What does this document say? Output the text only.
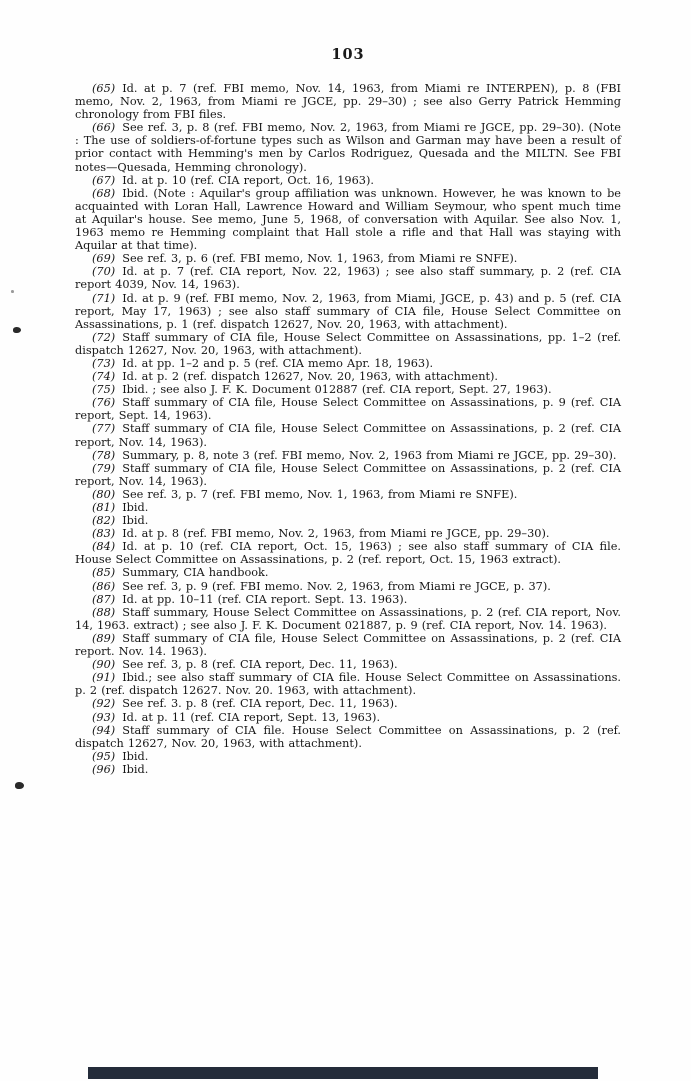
103

(65) Id. at p. 7 (ref. FBI memo, Nov. 14, 1963, from Miami re INTERPEN), p. 8 (FBI memo, Nov. 2, 1963, from Miami re JGCE, pp. 29–30) ; see also Gerry Patrick Hemming chronology from FBI files.

(66) See ref. 3, p. 8 (ref. FBI memo, Nov. 2, 1963, from Miami re JGCE, pp. 29–30). (Note : The use of soldiers-of-fortune types such as Wilson and Garman may have been a result of prior contact with Hemming's men by Carlos Rodriguez, Quesada and the MILTN. See FBI notes—Quesada, Hemming chronology).

(67) Id. at p. 10 (ref. CIA report, Oct. 16, 1963).

(68) Ibid. (Note : Aquilar's group affiliation was unknown. However, he was known to be acquainted with Loran Hall, Lawrence Howard and William Seymour, who spent much time at Aquilar's house. See memo, June 5, 1968, of conversation with Aquilar. See also Nov. 1, 1963 memo re Hemming complaint that Hall stole a rifle and that Hall was staying with Aquilar at that time).

(69) See ref. 3, p. 6 (ref. FBI memo, Nov. 1, 1963, from Miami re SNFE).

(70) Id. at p. 7 (ref. CIA report, Nov. 22, 1963) ; see also staff summary, p. 2 (ref. CIA report 4039, Nov. 14, 1963).

(71) Id. at p. 9 (ref. FBI memo, Nov. 2, 1963, from Miami, JGCE, p. 43) and p. 5 (ref. CIA report, May 17, 1963) ; see also staff summary of CIA file, House Select Committee on Assassinations, p. 1 (ref. dispatch 12627, Nov. 20, 1963, with attachment).

(72) Staff summary of CIA file, House Select Committee on Assassinations, pp. 1–2 (ref. dispatch 12627, Nov. 20, 1963, with attachment).

(73) Id. at pp. 1–2 and p. 5 (ref. CIA memo Apr. 18, 1963).

(74) Id. at p. 2 (ref. dispatch 12627, Nov. 20, 1963, with attachment).

(75) Ibid. ; see also J. F. K. Document 012887 (ref. CIA report, Sept. 27, 1963).

(76) Staff summary of CIA file, House Select Committee on Assassinations, p. 9 (ref. CIA report, Sept. 14, 1963).

(77) Staff summary of CIA file, House Select Committee on Assassinations, p. 2 (ref. CIA report, Nov. 14, 1963).

(78) Summary, p. 8, note 3 (ref. FBI memo, Nov. 2, 1963 from Miami re JGCE, pp. 29–30).

(79) Staff summary of CIA file, House Select Committee on Assassinations, p. 2 (ref. CIA report, Nov. 14, 1963).

(80) See ref. 3, p. 7 (ref. FBI memo, Nov. 1, 1963, from Miami re SNFE).

(81) Ibid.

(82) Ibid.

(83) Id. at p. 8 (ref. FBI memo, Nov. 2, 1963, from Miami re JGCE, pp. 29–30).

(84) Id. at p. 10 (ref. CIA report, Oct. 15, 1963) ; see also staff summary of CIA file. House Select Committee on Assassinations, p. 2 (ref. report, Oct. 15, 1963 extract).

(85) Summary, CIA handbook.

(86) See ref. 3, p. 9 (ref. FBI memo. Nov. 2, 1963, from Miami re JGCE, p. 37).

(87) Id. at pp. 10–11 (ref. CIA report. Sept. 13. 1963).

(88) Staff summary, House Select Committee on Assassinations, p. 2 (ref. CIA report, Nov. 14, 1963. extract) ; see also J. F. K. Document 021887, p. 9 (ref. CIA report, Nov. 14. 1963).

(89) Staff summary of CIA file, House Select Committee on Assassinations, p. 2 (ref. CIA report. Nov. 14. 1963).

(90) See ref. 3, p. 8 (ref. CIA report, Dec. 11, 1963).

(91) Ibid.; see also staff summary of CIA file. House Select Committee on Assassinations. p. 2 (ref. dispatch 12627. Nov. 20. 1963, with attachment).

(92) See ref. 3. p. 8 (ref. CIA report, Dec. 11, 1963).

(93) Id. at p. 11 (ref. CIA report, Sept. 13, 1963).

(94) Staff summary of CIA file. House Select Committee on Assassinations, p. 2 (ref. dispatch 12627, Nov. 20, 1963, with attachment).

(95) Ibid.

(96) Ibid.
